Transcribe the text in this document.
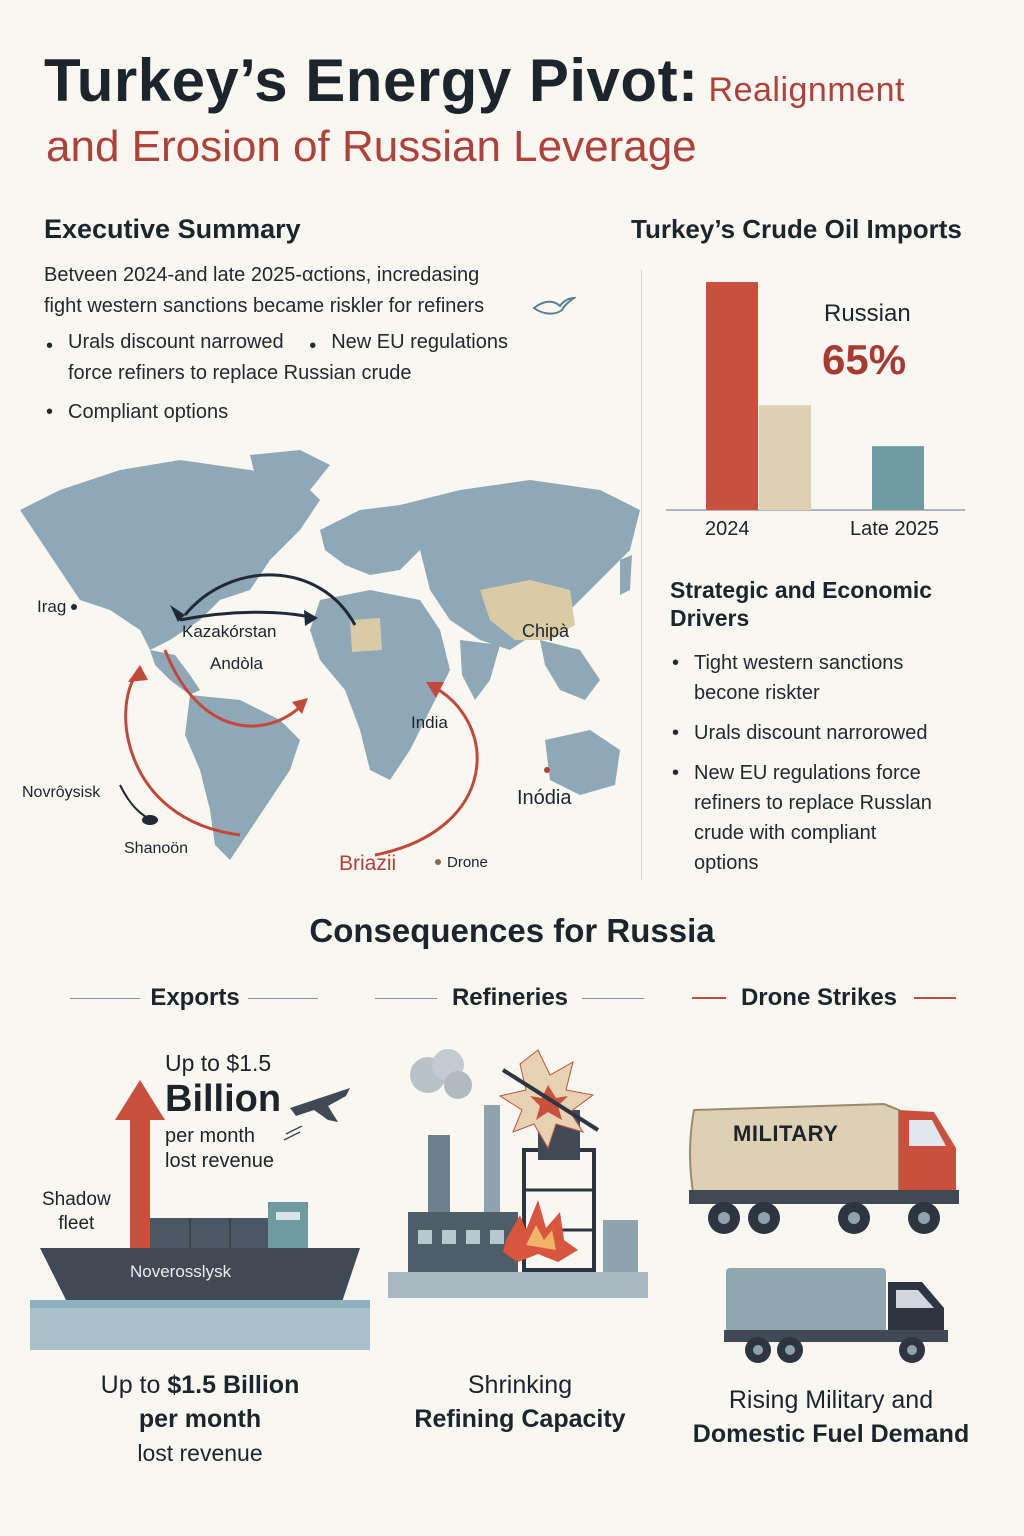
Turkey’s Energy Pivot: Realignment
and Erosion of Russian Leverage
Executive Summary
Betveen 2024-and late 2025-αctions, incredasing
fight western sanctions became riskler for refiners
• Urals discount narrowed • New EU regulations
force refiners to replace Russian crude
• Compliant options
Irag
Kazakórstan
Andòla
Chipà
India
Novrôysisk
Shanoön
Inódia
Briazii	Drone
Turkey’s Crude Oil Imports
Russian
65%
2024	Late 2025
Strategic and Economic
Drivers
• Tight western sanctions
becone riskter
• Urals discount narrorowed
• New EU regulations force
refiners to replace Russlan
crude with compliant
options
Consequences for Russia
Exports	Refineries	Drone Strikes
Up to $1.5
Billion
per month
lost revenue
Shadow
fleet
Noverosslysk
Up to $1.5 Billion
per month
lost revenue
Shrinking
Refining Capacity
MILITARY
Rising Military and
Domestic Fuel Demand
